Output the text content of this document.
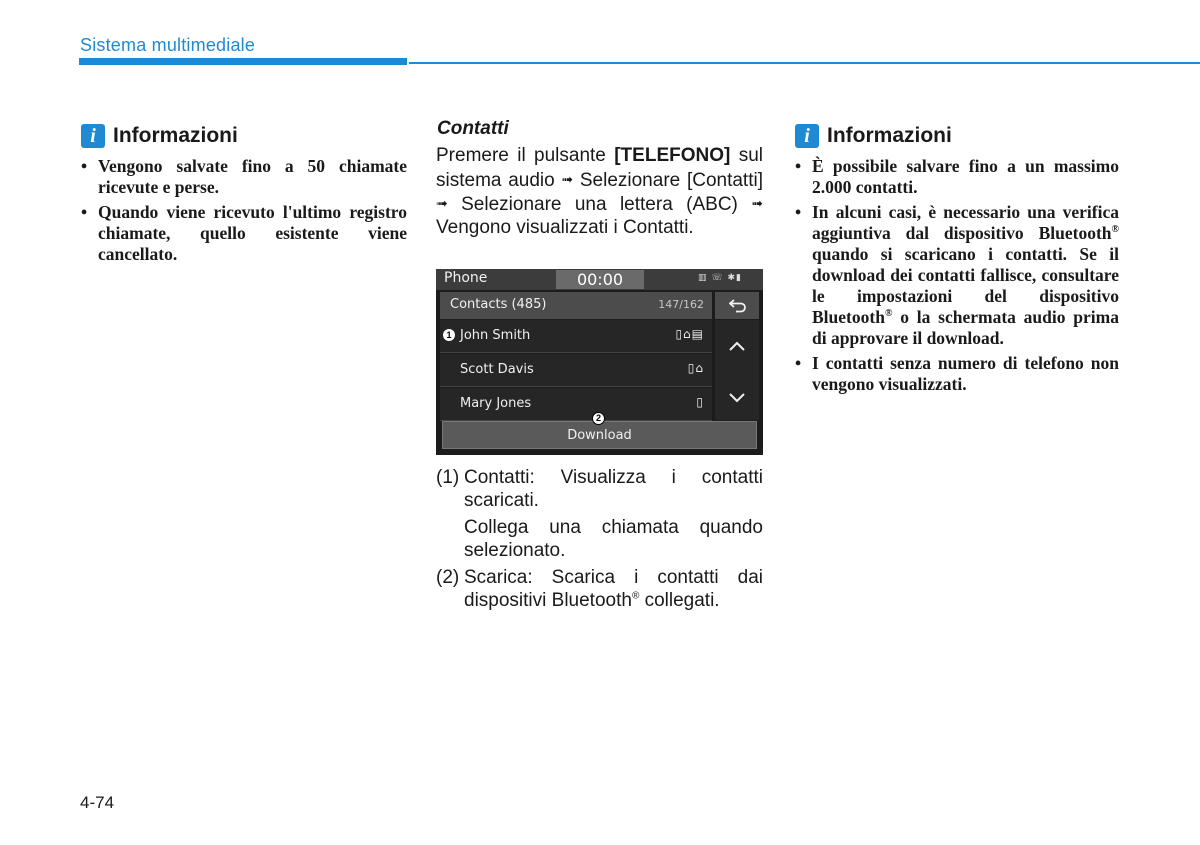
Sistema multimediale
i Informazioni
• Vengono salvate fino a 50 chiamate ricevute e perse.
• Quando viene ricevuto l'ultimo registro chiamate, quello esistente viene cancellato.
Contatti
Premere il pulsante [TELEFONO] sul sistema audio ➟ Selezionare [Contatti] ➟ Selezionare una lettera (ABC) ➟ Vengono visualizzati i Contatti.
Phone	00:00	▥ ☏ ✱▮
Contacts (485)	147/162
John Smith	▯⌂▤
Scott Davis	▯⌂
Mary Jones	▯
Download
1
2
(1) Contatti: Visualizza i contatti scaricati.
Collega una chiamata quando selezionato.
(2) Scarica: Scarica i contatti dai dispositivi Bluetooth® collegati.
i Informazioni
• È possibile salvare fino a un massimo 2.000 contatti.
• In alcuni casi, è necessario una verifica aggiuntiva dal dispositivo Bluetooth® quando si scaricano i contatti. Se il download dei contatti fallisce, consultare le impostazioni del dispositivo Bluetooth® o la schermata audio prima di approvare il download.
• I contatti senza numero di telefono non vengono visualizzati.
4-74
